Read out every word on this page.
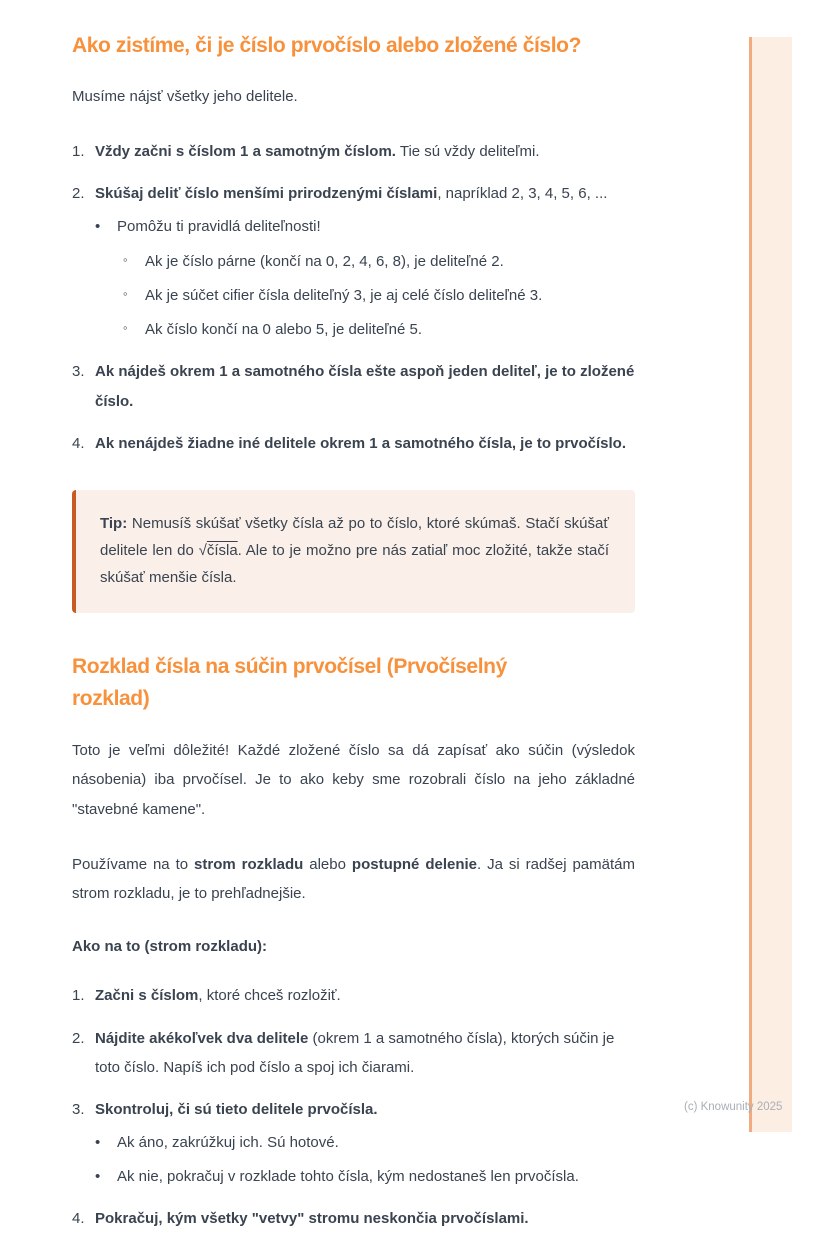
Ako zistíme, či je číslo prvočíslo alebo zložené číslo?

Musíme nájsť všetky jeho delitele.

1. Vždy začni s číslom 1 a samotným číslom. Tie sú vždy deliteľmi.
2. Skúšaj deliť číslo menšími prirodzenými číslami, napríklad 2, 3, 4, 5, 6, ...
•	Pomôžu ti pravidlá deliteľnosti!
◦	Ak je číslo párne (končí na 0, 2, 4, 6, 8), je deliteľné 2.
◦	Ak je súčet cifier čísla deliteľný 3, je aj celé číslo deliteľné 3.
◦	Ak číslo končí na 0 alebo 5, je deliteľné 5.
3. Ak nájdeš okrem 1 a samotného čísla ešte aspoň jeden deliteľ, je to zložené číslo.
4. Ak nenájdeš žiadne iné delitele okrem 1 a samotného čísla, je to prvočíslo.

Tip: Nemusíš skúšať všetky čísla až po to číslo, ktoré skúmaš. Stačí skúšať delitele len do √čísla. Ale to je možno pre nás zatiaľ moc zložité, takže stačí skúšať menšie čísla.

Rozklad čísla na súčin prvočísel (Prvočíselný rozklad)

Toto je veľmi dôležité! Každé zložené číslo sa dá zapísať ako súčin (výsledok násobenia) iba prvočísel. Je to ako keby sme rozobrali číslo na jeho základné "stavebné kamene".

Používame na to strom rozkladu alebo postupné delenie. Ja si radšej pamätám strom rozkladu, je to prehľadnejšie.

Ako na to (strom rozkladu):

1. Začni s číslom, ktoré chceš rozložiť.
2. Nájdite akékoľvek dva delitele (okrem 1 a samotného čísla), ktorých súčin je toto číslo. Napíš ich pod číslo a spoj ich čiarami.
3. Skontroluj, či sú tieto delitele prvočísla.
•	Ak áno, zakrúžkuj ich. Sú hotové.
•	Ak nie, pokračuj v rozklade tohto čísla, kým nedostaneš len prvočísla.
4. Pokračuj, kým všetky "vetvy" stromu neskončia prvočíslami.
(c) Knowunity 2025
